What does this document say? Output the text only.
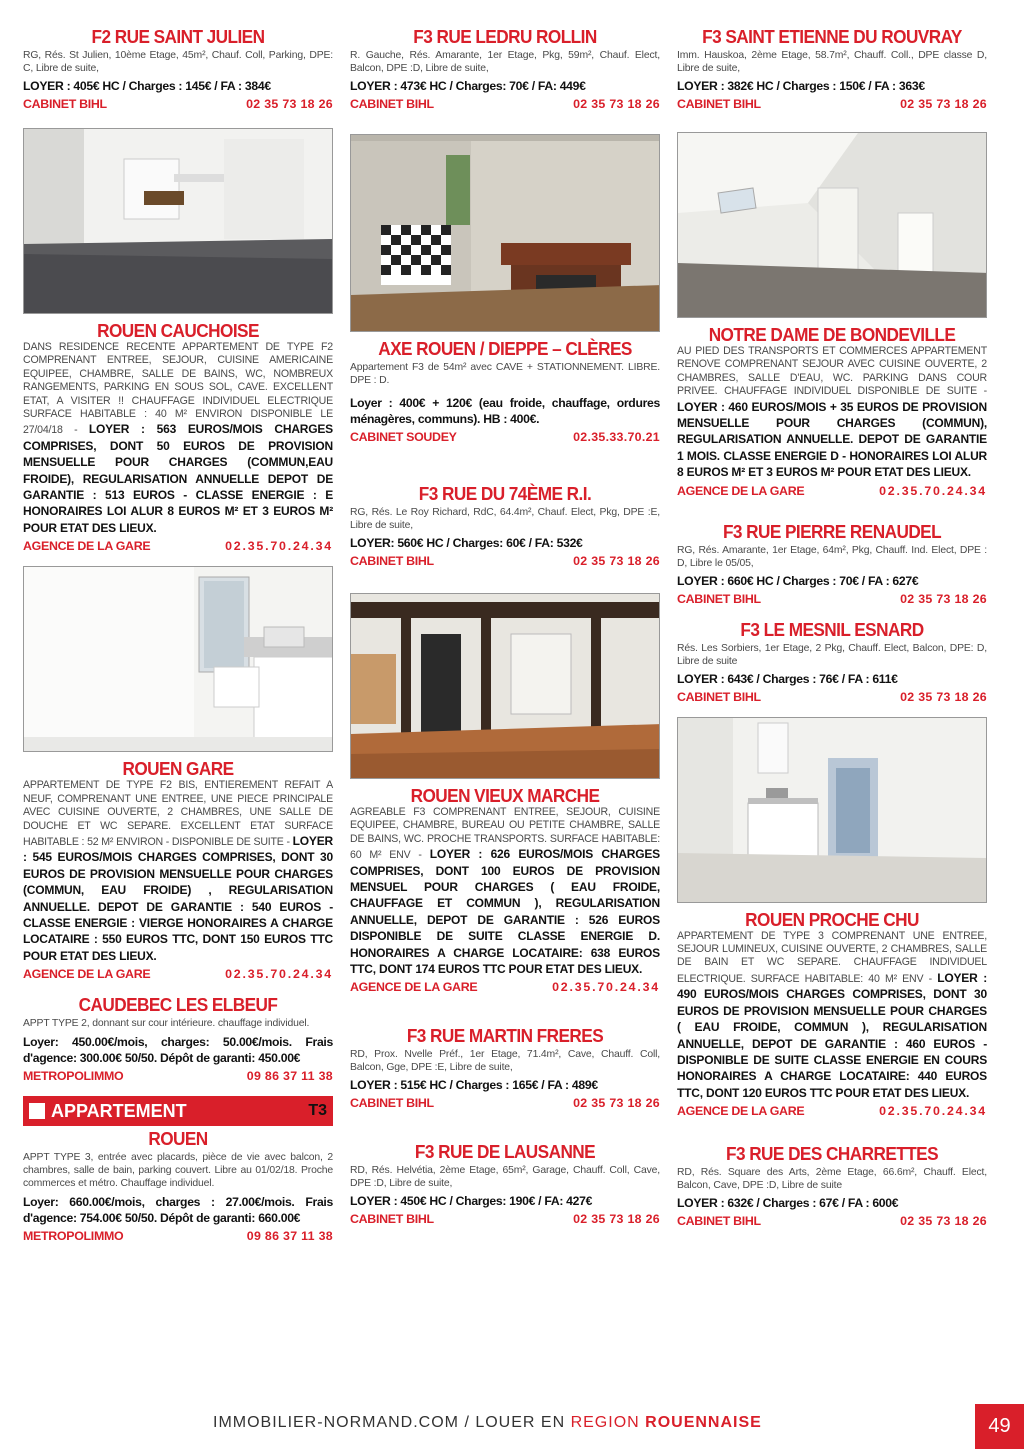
F2 RUE SAINT JULIEN
RG, Rés. St Julien, 10ème Etage, 45m², Chauf. Coll, Parking, DPE: C, Libre de suite,
LOYER : 405€ HC / Charges : 145€ / FA : 384€
CABINET BIHL	02 35 73 18 26
ROUEN CAUCHOISE
DANS RESIDENCE RECENTE APPARTEMENT DE TYPE F2 COMPRENANT ENTREE, SEJOUR, CUISINE AMERICAINE EQUIPEE, CHAMBRE, SALLE DE BAINS, WC, NOMBREUX RANGEMENTS, PARKING EN SOUS SOL, CAVE. EXCELLENT ETAT, A VISITER !! CHAUFFAGE INDIVIDUEL ELECTRIQUE SURFACE HABITABLE : 40 M² ENVIRON DISPONIBLE LE 27/04/18 - LOYER : 563 EUROS/MOIS CHARGES COMPRISES, DONT 50 EUROS DE PROVISION MENSUELLE POUR CHARGES (COMMUN,EAU FROIDE), REGULARISATION ANNUELLE DEPOT DE GARANTIE : 513 EUROS - CLASSE ENERGIE : E HONORAIRES LOI ALUR 8 EUROS M² ET 3 EUROS M² POUR ETAT DES LIEUX.
AGENCE DE LA GARE	02.35.70.24.34
ROUEN GARE
APPARTEMENT DE TYPE F2 BIS, ENTIEREMENT REFAIT A NEUF, COMPRENANT UNE ENTREE, UNE PIECE PRINCIPALE AVEC CUISINE OUVERTE, 2 CHAMBRES, UNE SALLE DE DOUCHE ET WC SEPARE. EXCELLENT ETAT SURFACE HABITABLE : 52 M² ENVIRON - DISPONIBLE DE SUITE - LOYER : 545 EUROS/MOIS CHARGES COMPRISES, DONT 30 EUROS DE PROVISION MENSUELLE POUR CHARGES (COMMUN, EAU FROIDE) , REGULARISATION ANNUELLE. DEPOT DE GARANTIE : 540 EUROS - CLASSE ENERGIE : VIERGE HONORAIRES A CHARGE LOCATAIRE : 550 EUROS TTC, DONT 150 EUROS TTC POUR ETAT DES LIEUX.
AGENCE DE LA GARE	02.35.70.24.34
CAUDEBEC LES ELBEUF
APPT TYPE 2, donnant sur cour intérieure. chauffage individuel.
Loyer: 450.00€/mois, charges: 50.00€/mois. Frais d'agence: 300.00€ 50/50. Dépôt de garanti: 450.00€
METROPOLIMMO	09 86 37 11 38
APPARTEMENT	T3
ROUEN
APPT TYPE 3, entrée avec placards, pièce de vie avec balcon, 2 chambres, salle de bain, parking couvert. Libre au 01/02/18. Proche commerces et métro. Chauffage individuel.
Loyer: 660.00€/mois, charges : 27.00€/mois. Frais d'agence: 754.00€ 50/50. Dépôt de garanti: 660.00€
METROPOLIMMO	09 86 37 11 38
F3 RUE LEDRU ROLLIN
R. Gauche, Rés. Amarante, 1er Etage, Pkg, 59m², Chauf. Elect, Balcon, DPE :D, Libre de suite,
LOYER : 473€ HC / Charges: 70€ / FA: 449€
CABINET BIHL	02 35 73 18 26
AXE ROUEN / DIEPPE – CLÈRES
Appartement F3 de 54m² avec CAVE + STATIONNEMENT. LIBRE. DPE : D.
Loyer : 400€ + 120€ (eau froide, chauffage, ordures ménagères, communs). HB : 400€.
CABINET SOUDEY	02.35.33.70.21
F3 RUE DU 74ÈME R.I.
RG, Rés. Le Roy Richard, RdC, 64.4m², Chauf. Elect, Pkg, DPE :E, Libre de suite,
LOYER: 560€ HC / Charges: 60€ / FA: 532€
CABINET BIHL	02 35 73 18 26
ROUEN VIEUX MARCHE
AGREABLE F3 COMPRENANT ENTREE, SEJOUR, CUISINE EQUIPEE, CHAMBRE, BUREAU OU PETITE CHAMBRE, SALLE DE BAINS, WC. PROCHE TRANSPORTS. SURFACE HABITABLE: 60 M² ENV - LOYER : 626 EUROS/MOIS CHARGES COMPRISES, DONT 100 EUROS DE PROVISION MENSUEL POUR CHARGES ( EAU FROIDE, CHAUFFAGE ET COMMUN ), REGULARISATION ANNUELLE, DEPOT DE GARANTIE : 526 EUROS DISPONIBLE DE SUITE CLASSE ENERGIE D. HONORAIRES A CHARGE LOCATAIRE: 638 EUROS TTC, DONT 174 EUROS TTC POUR ETAT DES LIEUX.
AGENCE DE LA GARE	02.35.70.24.34
F3 RUE MARTIN FRERES
RD, Prox. Nvelle Préf., 1er Etage, 71.4m², Cave, Chauff. Coll, Balcon, Gge, DPE :E, Libre de suite,
LOYER : 515€ HC / Charges : 165€ / FA : 489€
CABINET BIHL	02 35 73 18 26
F3 RUE DE LAUSANNE
RD, Rés. Helvétia, 2ème Etage, 65m², Garage, Chauff. Coll, Cave, DPE :D, Libre de suite,
LOYER : 450€ HC / Charges: 190€ / FA: 427€
CABINET BIHL	02 35 73 18 26
F3 SAINT ETIENNE DU ROUVRAY
Imm. Hauskoa, 2ème Etage, 58.7m², Chauff. Coll., DPE classe D, Libre de suite,
LOYER : 382€ HC / Charges : 150€ / FA : 363€
CABINET BIHL	02 35 73 18 26
NOTRE DAME DE BONDEVILLE
AU PIED DES TRANSPORTS ET COMMERCES APPARTEMENT RENOVE COMPRENANT SEJOUR AVEC CUISINE OUVERTE, 2 CHAMBRES, SALLE D'EAU, WC. PARKING DANS COUR PRIVEE. CHAUFFAGE INDIVIDUEL DISPONIBLE DE SUITE - LOYER : 460 EUROS/MOIS + 35 EUROS DE PROVISION MENSUELLE POUR CHARGES (COMMUN), REGULARISATION ANNUELLE. DEPOT DE GARANTIE 1 MOIS. CLASSE ENERGIE D - HONORAIRES LOI ALUR 8 EUROS M² ET 3 EUROS M² POUR ETAT DES LIEUX.
AGENCE DE LA GARE	02.35.70.24.34
F3 RUE PIERRE RENAUDEL
RG, Rés. Amarante, 1er Etage, 64m², Pkg, Chauff. Ind. Elect, DPE : D, Libre le 05/05,
LOYER : 660€ HC / Charges : 70€ / FA : 627€
CABINET BIHL	02 35 73 18 26
F3 LE MESNIL ESNARD
Rés. Les Sorbiers, 1er Etage, 2 Pkg, Chauff. Elect, Balcon, DPE: D, Libre de suite
LOYER : 643€ / Charges : 76€ / FA : 611€
CABINET BIHL	02 35 73 18 26
ROUEN PROCHE CHU
APPARTEMENT DE TYPE 3 COMPRENANT UNE ENTREE, SEJOUR LUMINEUX, CUISINE OUVERTE, 2 CHAMBRES, SALLE DE BAIN ET WC SEPARE. CHAUFFAGE INDIVIDUEL ELECTRIQUE. SURFACE HABITABLE: 40 M² ENV - LOYER : 490 EUROS/MOIS CHARGES COMPRISES, DONT 30 EUROS DE PROVISION MENSUELLE POUR CHARGES ( EAU FROIDE, COMMUN ), REGULARISATION ANNUELLE, DEPOT DE GARANTIE : 460 EUROS - DISPONIBLE DE SUITE CLASSE ENERGIE EN COURS HONORAIRES A CHARGE LOCATAIRE: 440 EUROS TTC, DONT 120 EUROS TTC POUR ETAT DES LIEUX.
AGENCE DE LA GARE	02.35.70.24.34
F3 RUE DES CHARRETTES
RD, Rés. Square des Arts, 2ème Etage, 66.6m², Chauff. Elect, Balcon, Cave, DPE :D, Libre de suite
LOYER : 632€ / Charges : 67€ / FA : 600€
CABINET BIHL	02 35 73 18 26
IMMOBILIER-NORMAND.COM / LOUER EN REGION ROUENNAISE	49
